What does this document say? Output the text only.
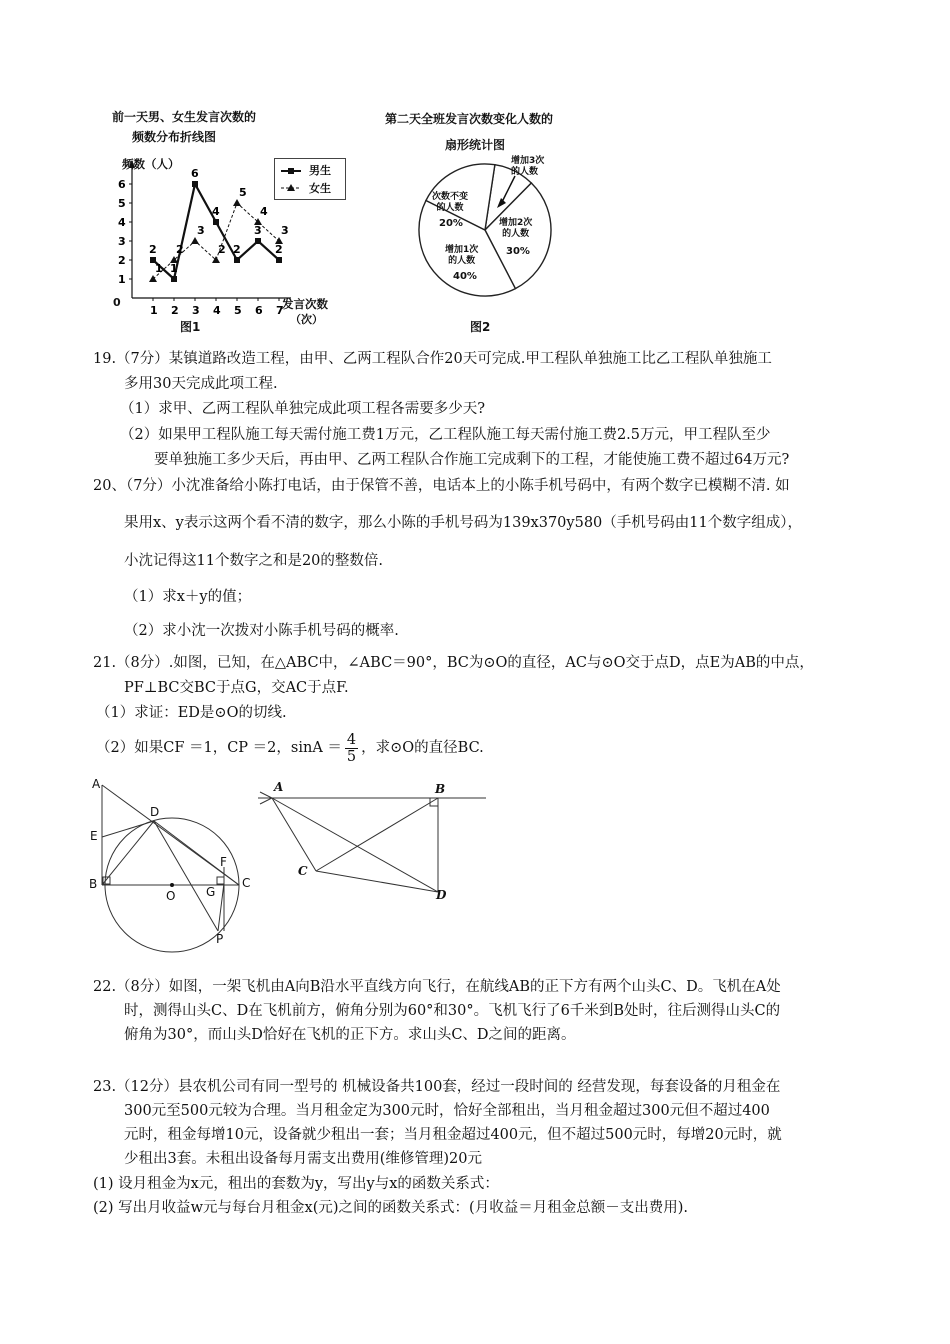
前一天男、女生发言次数的
频数分布折线图
1
2
3
4
5
6
1 2 3 4 5 6 7
2
1
6
4
2
3
2
1
2
3
2
5
4
3
频数（人）
发言次数
（次）
0
图1
男生
女生
第二天全班发言次数变化人数的
扇形统计图
增加3次
的人数
次数不变
的人数
20%	增加2次
的人数
30%
增加1次
的人数
40%
图2
19.（7分）某镇道路改造工程，由甲、乙两工程队合作20天可完成.甲工程队单独施工比乙工程队单独施工
多用30天完成此项工程.
（1）求甲、乙两工程队单独完成此项工程各需要多少天?
（2）如果甲工程队施工每天需付施工费1万元，乙工程队施工每天需付施工费2.5万元，甲工程队至少
要单独施工多少天后，再由甲、乙两工程队合作施工完成剩下的工程，才能使施工费不超过64万元?
20、（7分）小沈准备给小陈打电话，由于保管不善，电话本上的小陈手机号码中，有两个数字已模糊不清. 如
果用x、y表示这两个看不清的数字，那么小陈的手机号码为139x370y580（手机号码由11个数字组成），
小沈记得这11个数字之和是20的整数倍.
（1）求x＋y的值；
（2）求小沈一次拨对小陈手机号码的概率.
21.（8分）.如图，已知，在△ABC中，∠ABC＝90°，BC为⊙O的直径，AC与⊙O交于点D，点E为AB的中点，
PF⊥BC交BC于点G，交AC于点F.
（1）求证：ED是⊙O的切线.
（2）如果CF ＝1，CP ＝2，$\sin A = \frac{4}{5}$ ，求⊙O的直径BC.
A
D
E
F
B
O	G
C
P
A	B
C
D
22.（8分）如图，一架飞机由A向B沿水平直线方向飞行，在航线AB的正下方有两个山头C、D。飞机在A处
时，测得山头C、D在飞机前方，俯角分别为60°和30°。飞机飞行了6千米到B处时，往后测得山头C的
俯角为30°，而山头D恰好在飞机的正下方。求山头C、D之间的距离。
23.（12分）县农机公司有同一型号的 机械设备共100套，经过一段时间的 经营发现，每套设备的月租金在
300元至500元较为合理。当月租金定为300元时，恰好全部租出，当月租金超过300元但不超过400
元时，租金每增10元，设备就少租出一套；当月租金超过400元，但不超过500元时，每增20元时，就
少租出3套。未租出设备每月需支出费用(维修管理)20元
(1) 设月租金为x元，租出的套数为y，写出y与x的函数关系式：
(2) 写出月收益w元与每台月租金x(元)之间的函数关系式：(月收益＝月租金总额－支出费用).
